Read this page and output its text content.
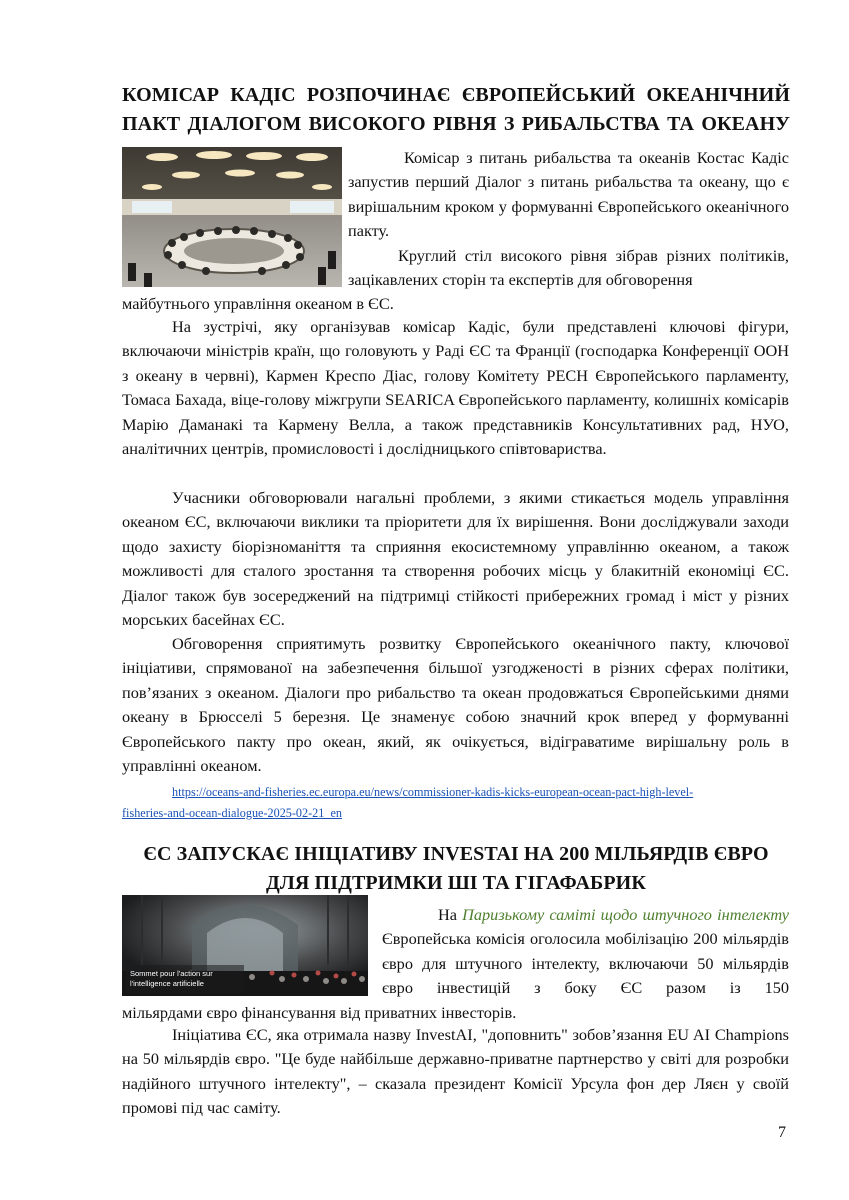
КОМІСАР КАДІС РОЗПОЧИНАЄ ЄВРОПЕЙСЬКИЙ ОКЕАНІЧНИЙ
ПАКТ ДІАЛОГОМ ВИСОКОГО РІВНЯ З РИБАЛЬСТВА ТА ОКЕАНУ
Комісар з питань рибальства та океанів Костас Кадіс запустив перший Діалог з питань рибальства та океану, що є вирішальним кроком у формуванні Європейського океанічного пакту.
Круглий стіл високого рівня зібрав різних політиків, зацікавлених сторін та експертів для обговорення
майбутнього управління океаном в ЄС.
На зустрічі, яку організував комісар Кадіс, були представлені ключові фігури, включаючи міністрів країн, що головують у Раді ЄС та Франції (господарка Конференції ООН з океану в червні), Кармен Креспо Діас, голову Комітету PECH Європейського парламенту, Томаса Бахада, віце-голову міжгрупи SEARICA Європейського парламенту, колишніх комісарів Марію Даманакі та Кармену Велла, а також представників Консультативних рад, НУО, аналітичних центрів, промисловості і дослідницького співтовариства.
Учасники обговорювали нагальні проблеми, з якими стикається модель управління океаном ЄС, включаючи виклики та пріоритети для їх вирішення. Вони досліджували заходи щодо захисту біорізноманіття та сприяння екосистемному управлінню океаном, а також можливості для сталого зростання та створення робочих місць у блакитній економіці ЄС. Діалог також був зосереджений на підтримці стійкості прибережних громад і міст у різних морських басейнах ЄС.
Обговорення сприятимуть розвитку Європейського океанічного пакту, ключової ініціативи, спрямованої на забезпечення більшої узгодженості в різних сферах політики, пов’язаних з океаном. Діалоги про рибальство та океан продовжаться Європейськими днями океану в Брюсселі 5 березня. Це знаменує собою значний крок вперед у формуванні Європейського пакту про океан, який, як очікується, відіграватиме вирішальну роль в управлінні океаном.
https://oceans-and-fisheries.ec.europa.eu/news/commissioner-kadis-kicks-european-ocean-pact-high-level-
fisheries-and-ocean-dialogue-2025-02-21_en
ЄС ЗАПУСКАЄ ІНІЦІАТИВУ INVESTAI НА 200 МІЛЬЯРДІВ ЄВРО
ДЛЯ ПІДТРИМКИ ШІ ТА ГІГАФАБРИК
Sommet pour l'action sur
l'intelligence artificielle
На Паризькому саміті щодо штучного інтелекту Європейська комісія оголосила мобілізацію 200 мільярдів євро для штучного інтелекту, включаючи 50 мільярдів євро інвестицій з боку ЄС разом із 150
мільярдами євро фінансування від приватних інвесторів.
Ініціатива ЄС, яка отримала назву InvestAI, "доповнить" зобов’язання EU AI Champions на 50 мільярдів євро. "Це буде найбільше державно-приватне партнерство у світі для розробки надійного штучного інтелекту", – сказала президент Комісії Урсула фон дер Ляєн у своїй промові під час саміту.
7
